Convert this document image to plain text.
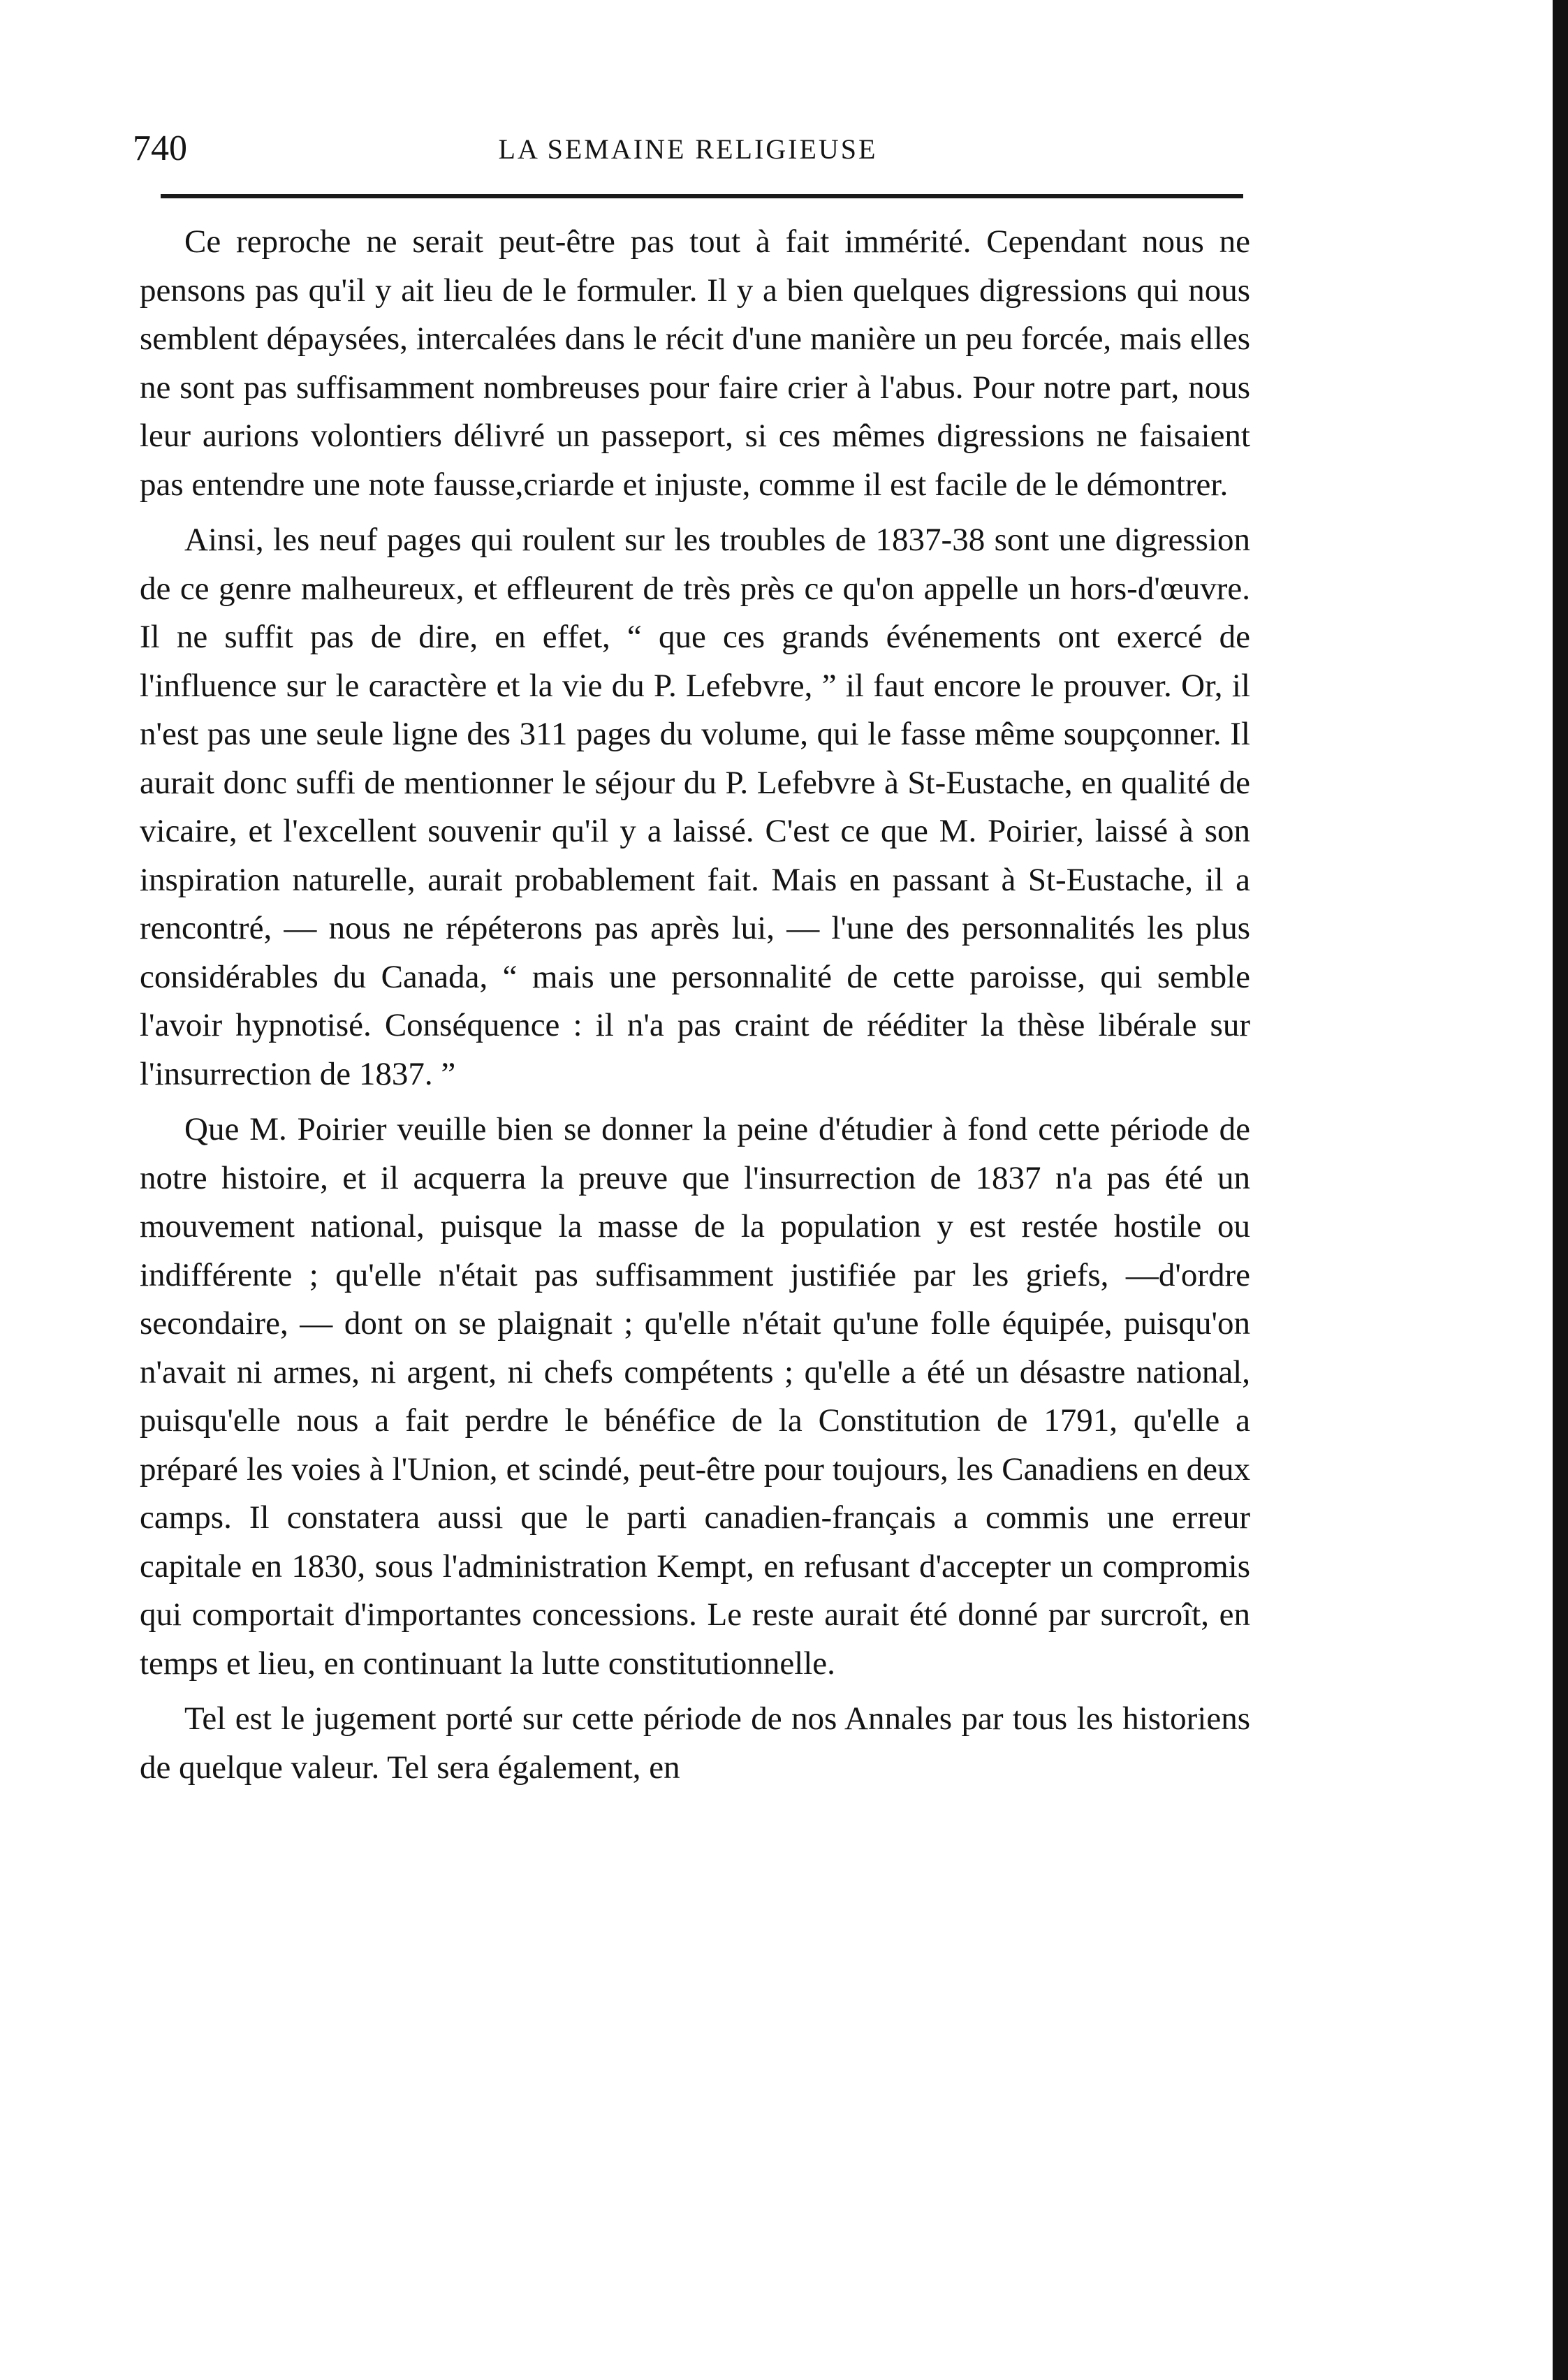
740	LA SEMAINE RELIGIEUSE

Ce reproche ne serait peut-être pas tout à fait immérité. Cependant nous ne pensons pas qu'il y ait lieu de le formuler. Il y a bien quelques digressions qui nous semblent dépaysées, intercalées dans le récit d'une manière un peu forcée, mais elles ne sont pas suffisamment nombreuses pour faire crier à l'abus. Pour notre part, nous leur aurions volontiers délivré un passeport, si ces mêmes digressions ne faisaient pas entendre une note fausse,criarde et injuste, comme il est facile de le démontrer.

Ainsi, les neuf pages qui roulent sur les troubles de 1837-38 sont une digression de ce genre malheureux, et effleurent de très près ce qu'on appelle un hors-d'œuvre. Il ne suffit pas de dire, en effet, “ que ces grands événements ont exercé de l'influence sur le caractère et la vie du P. Lefebvre, ” il faut encore le prouver. Or, il n'est pas une seule ligne des 311 pages du volume, qui le fasse même soupçonner. Il aurait donc suffi de mentionner le séjour du P. Lefebvre à St-Eustache, en qualité de vicaire, et l'excellent souvenir qu'il y a laissé. C'est ce que M. Poirier, laissé à son inspiration naturelle, aurait probablement fait. Mais en passant à St-Eustache, il a rencontré, — nous ne répéterons pas après lui, — l'une des personnalités les plus considérables du Canada, “ mais une personnalité de cette paroisse, qui semble l'avoir hypnotisé. Conséquence : il n'a pas craint de rééditer la thèse libérale sur l'insurrection de 1837. ”

Que M. Poirier veuille bien se donner la peine d'étudier à fond cette période de notre histoire, et il acquerra la preuve que l'insurrection de 1837 n'a pas été un mouvement national, puisque la masse de la population y est restée hostile ou indifférente ; qu'elle n'était pas suffisamment justifiée par les griefs, —d'ordre secondaire, — dont on se plaignait ; qu'elle n'était qu'une folle équipée, puisqu'on n'avait ni armes, ni argent, ni chefs compétents ; qu'elle a été un désastre national, puisqu'elle nous a fait perdre le bénéfice de la Constitution de 1791, qu'elle a préparé les voies à l'Union, et scindé, peut-être pour toujours, les Canadiens en deux camps. Il constatera aussi que le parti canadien-français a commis une erreur capitale en 1830, sous l'administration Kempt, en refusant d'accepter un compromis qui comportait d'importantes concessions. Le reste aurait été donné par surcroît, en temps et lieu, en continuant la lutte constitutionnelle.

Tel est le jugement porté sur cette période de nos Annales par tous les historiens de quelque valeur. Tel sera également, en
